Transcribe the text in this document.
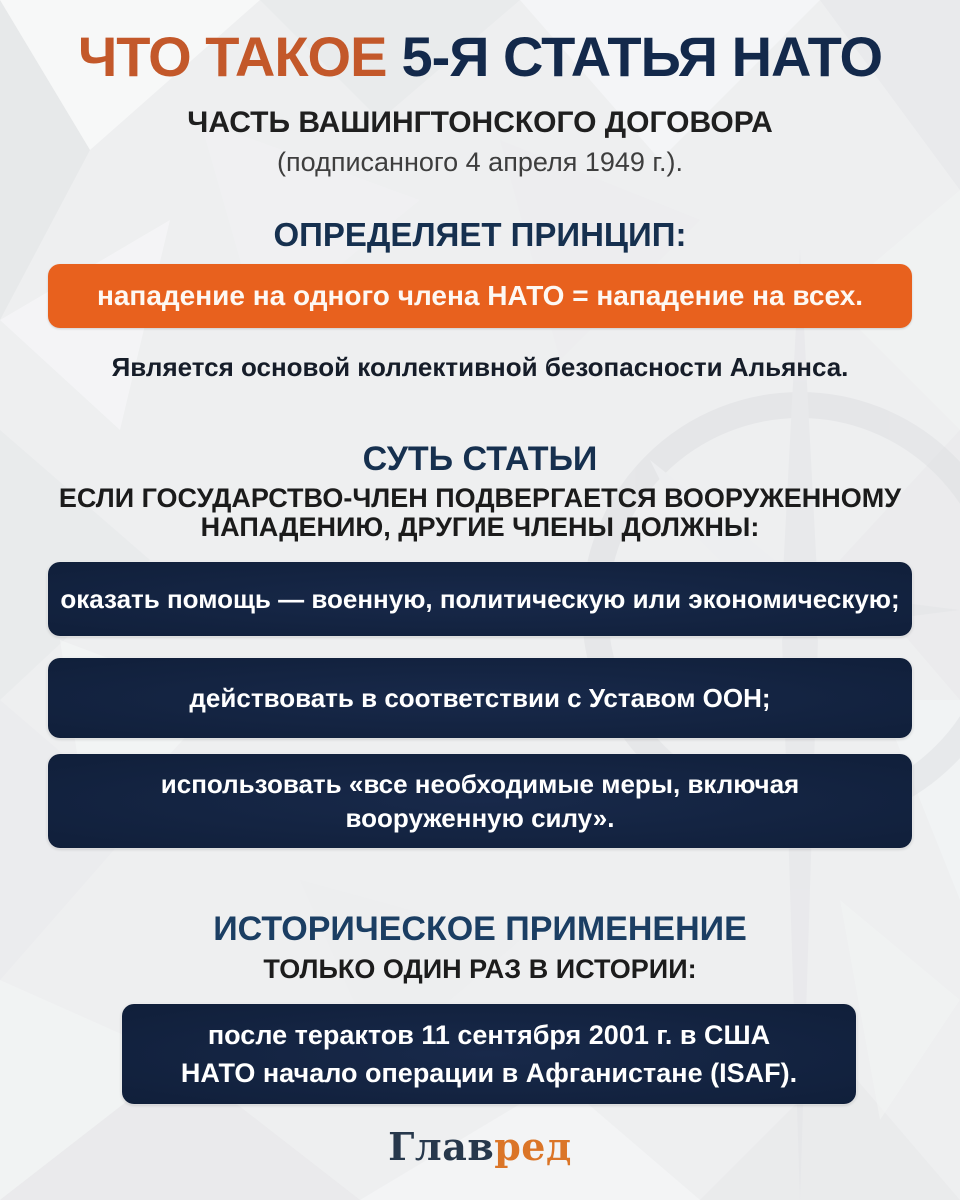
ЧТО ТАКОЕ 5-Я СТАТЬЯ НАТО
ЧАСТЬ ВАШИНГТОНСКОГО ДОГОВОРА
(подписанного 4 апреля 1949 г.).
ОПРЕДЕЛЯЕТ ПРИНЦИП:
нападение на одного члена НАТО = нападение на всех.
Является основой коллективной безопасности Альянса.
СУТЬ СТАТЬИ
ЕСЛИ ГОСУДАРСТВО-ЧЛЕН ПОДВЕРГАЕТСЯ ВООРУЖЕННОМУ
НАПАДЕНИЮ, ДРУГИЕ ЧЛЕНЫ ДОЛЖНЫ:
оказать помощь — военную, политическую или экономическую;
действовать в соответствии с Уставом ООН;
использовать «все необходимые меры, включая
вооруженную силу».
ИСТОРИЧЕСКОЕ ПРИМЕНЕНИЕ
ТОЛЬКО ОДИН РАЗ В ИСТОРИИ:
после терактов 11 сентября 2001 г. в США
НАТО начало операции в Афганистане (ISAF).
Главред
